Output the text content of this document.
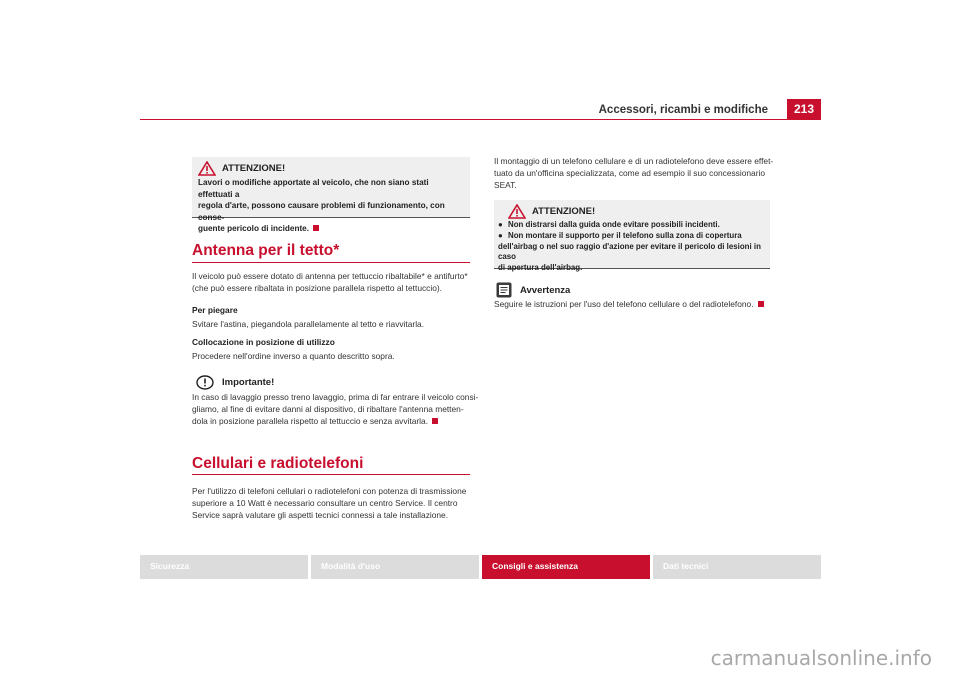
Accessori, ricambi e modifiche	213
ATTENZIONE!
Lavori o modifiche apportate al veicolo, che non siano stati effettuati a
regola d'arte, possono causare problemi di funzionamento, con conse-
guente pericolo di incidente.
Antenna per il tetto*
Il veicolo può essere dotato di antenna per tettuccio ribaltabile* e antifurto*
(che può essere ribaltata in posizione parallela rispetto al tettuccio).
Per piegare
Svitare l'astina, piegandola parallelamente al tetto e riavvitarla.
Collocazione in posizione di utilizzo
Procedere nell'ordine inverso a quanto descritto sopra.
Importante!
In caso di lavaggio presso treno lavaggio, prima di far entrare il veicolo consi-
gliamo, al fine di evitare danni al dispositivo, di ribaltare l'antenna metten-
dola in posizione parallela rispetto al tettuccio e senza avvitarla.
Cellulari e radiotelefoni
Per l'utilizzo di telefoni cellulari o radiotelefoni con potenza di trasmissione
superiore a 10 Watt è necessario consultare un centro Service. Il centro
Service saprà valutare gli aspetti tecnici connessi a tale installazione.
Il montaggio di un telefono cellulare e di un radiotelefono deve essere effet-
tuato da un'officina specializzata, come ad esempio il suo concessionario
SEAT.
ATTENZIONE!
● Non distrarsi dalla guida onde evitare possibili incidenti.
● Non montare il supporto per il telefono sulla zona di copertura
dell'airbag o nel suo raggio d'azione per evitare il pericolo di lesioni in caso
di apertura dell'airbag.
Avvertenza
Seguire le istruzioni per l'uso del telefono cellulare o del radiotelefono.
Sicurezza	Modalità d'uso	Consigli e assistenza	Dati tecnici
carmanualsonline.info
